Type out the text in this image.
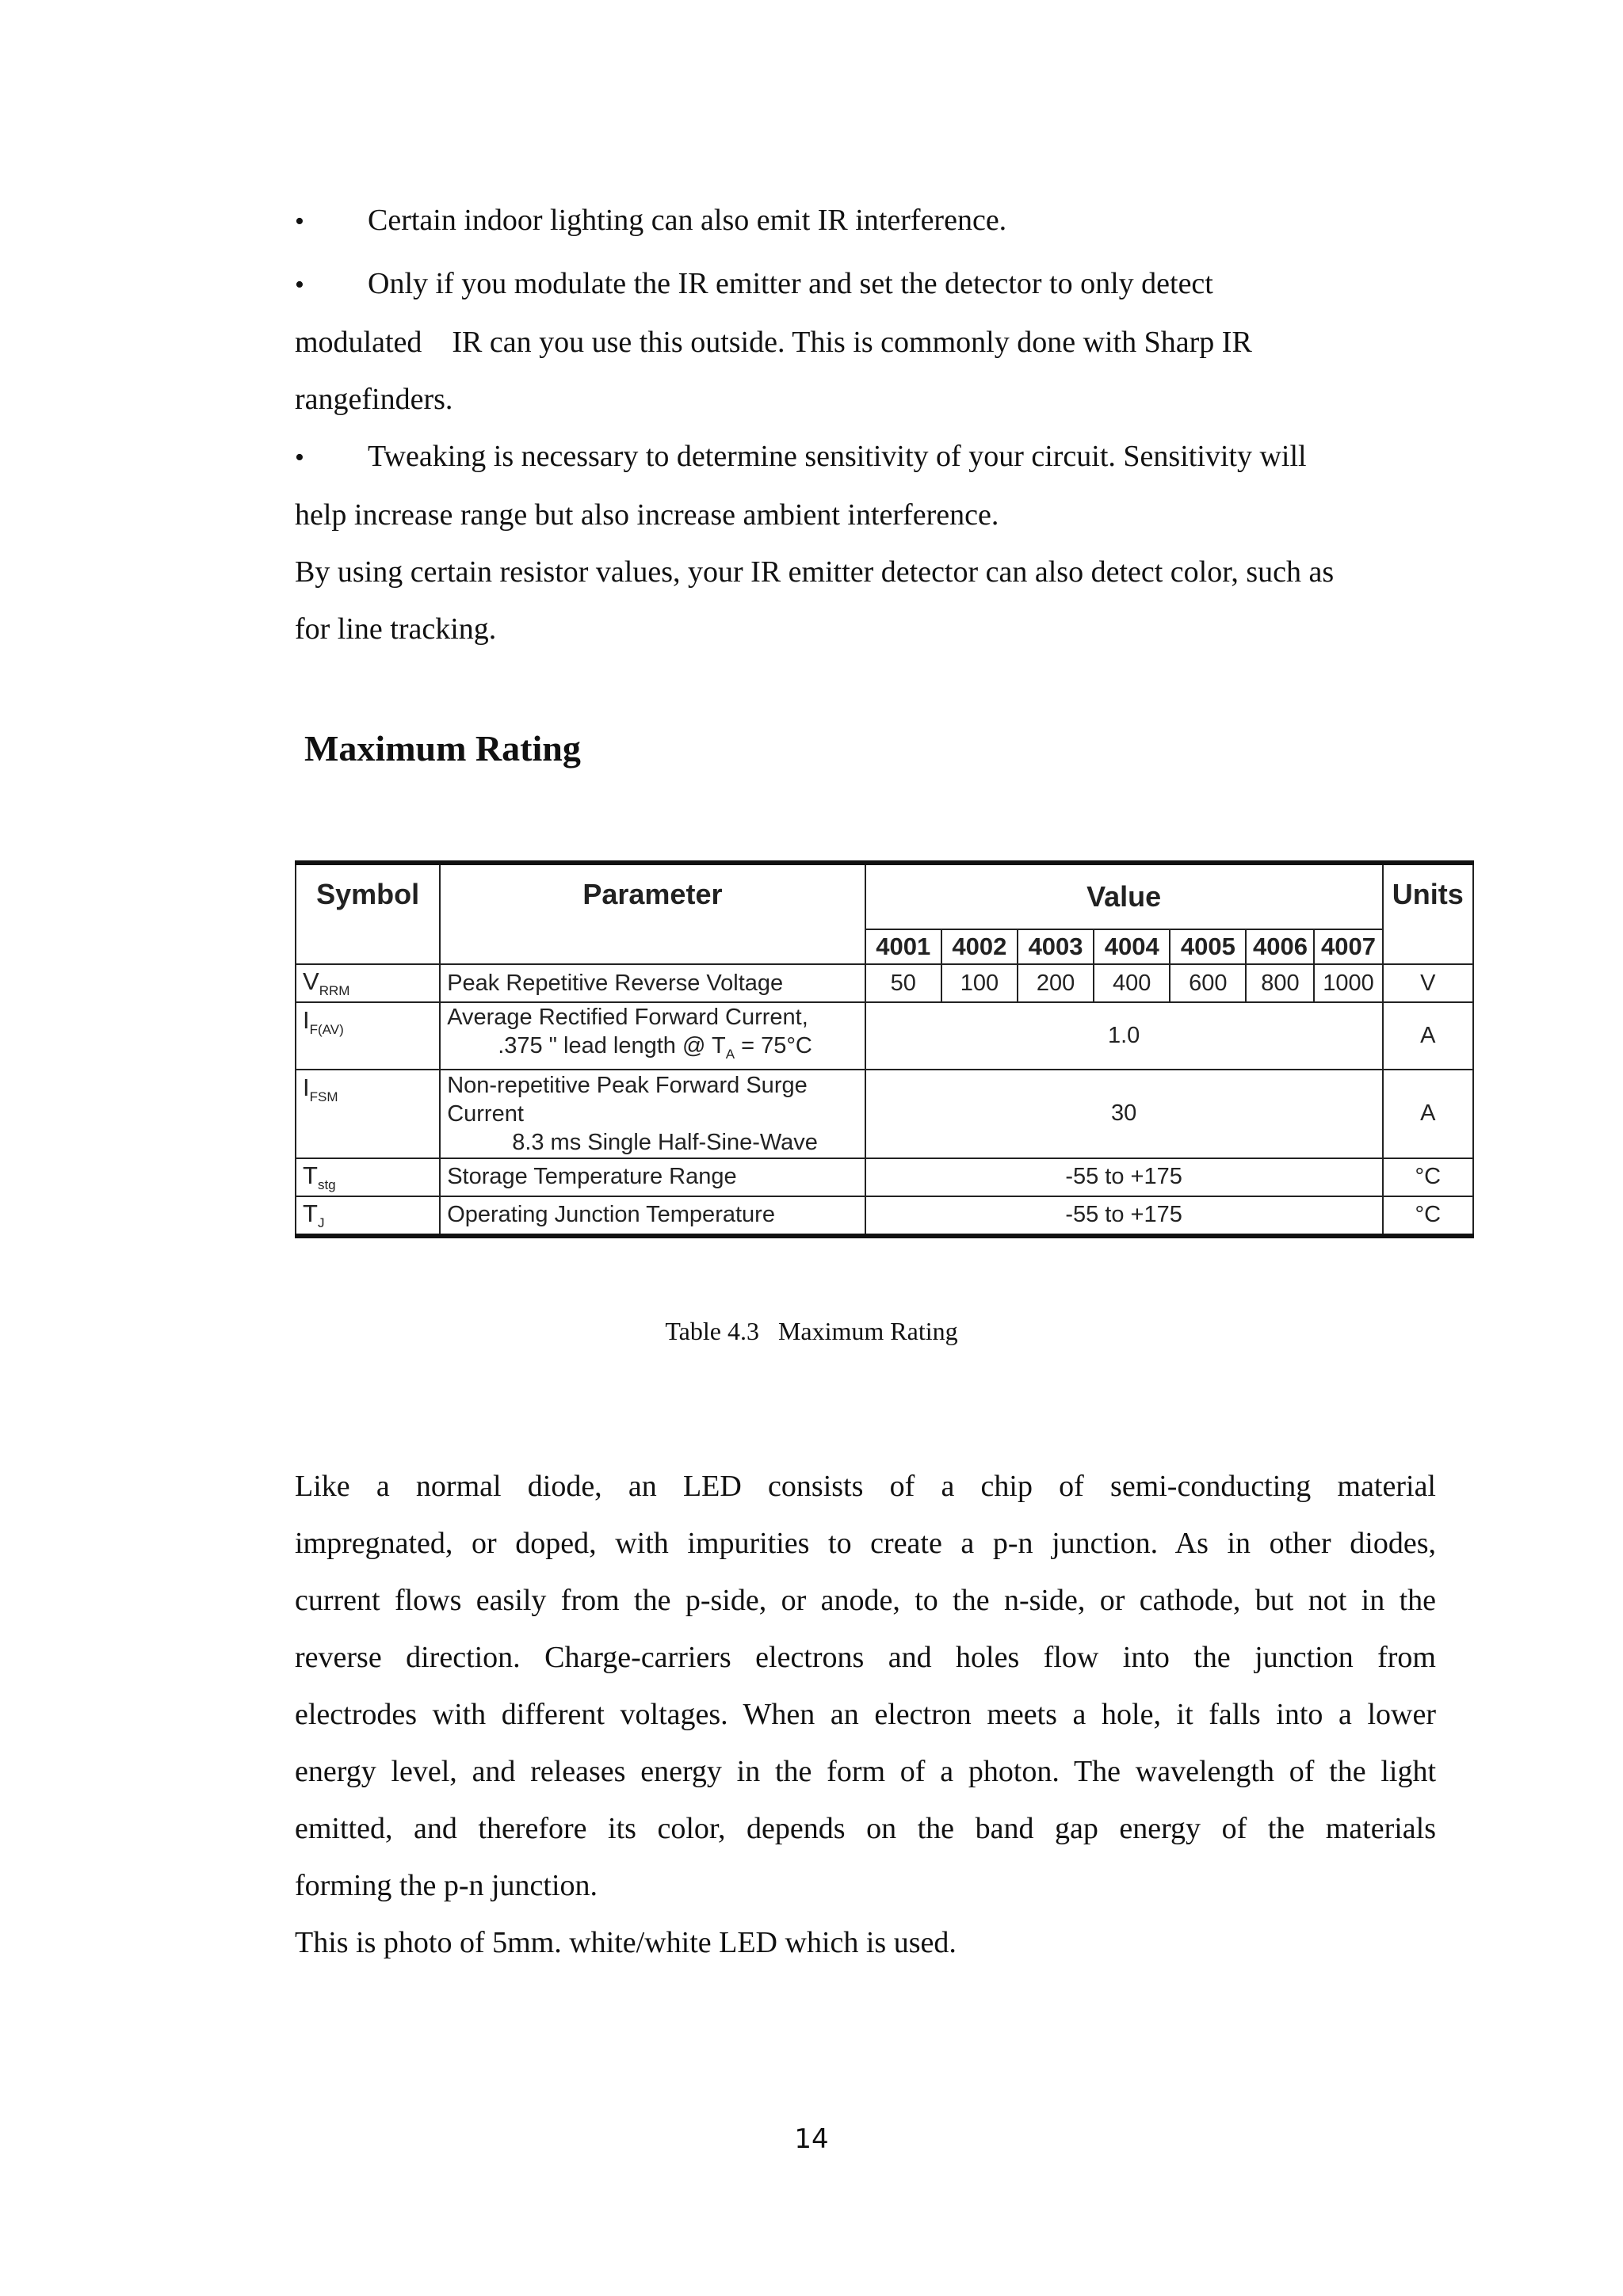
•	Certain indoor lighting can also emit IR interference.
•	Only if you modulate the IR emitter and set the detector to only detect
modulated    IR can you use this outside. This is commonly done with Sharp IR
rangefinders.
•	Tweaking is necessary to determine sensitivity of your circuit. Sensitivity will
help increase range but also increase ambient interference.
By using certain resistor values, your IR emitter detector can also detect color, such as
for line tracking.
Maximum Rating
Symbol	Parameter	Value							Units
		4001	4002	4003	4004	4005	4006	4007	
$V_{RRM}$	Peak Repetitive Reverse Voltage	50	100	200	400	600	800	1000	V
$I_{F(AV)}$	Average Rectified Forward Current,
.375 " lead length @ $T_A = 75^\circ C$	1.0							A
$I_{FSM}$	Non-repetitive Peak Forward Surge
Current
8.3 ms Single Half-Sine-Wave	30							A
$T_{stg}$	Storage Temperature Range	-55 to +175							°C
$T_J$	Operating Junction Temperature	-55 to +175							°C

Table 4.3   Maximum Rating

Like a normal diode, an LED consists of a chip of semi-conducting material
impregnated, or doped, with impurities to create a p-n junction. As in other diodes,
current flows easily from the p-side, or anode, to the n-side, or cathode, but not in the
reverse direction. Charge-carriers electrons and holes flow into the junction from
electrodes with different voltages. When an electron meets a hole, it falls into a lower
energy level, and releases energy in the form of a photon. The wavelength of the light
emitted, and therefore its color, depends on the band gap energy of the materials
forming the p-n junction.
This is photo of 5mm. white/white LED which is used.

14
